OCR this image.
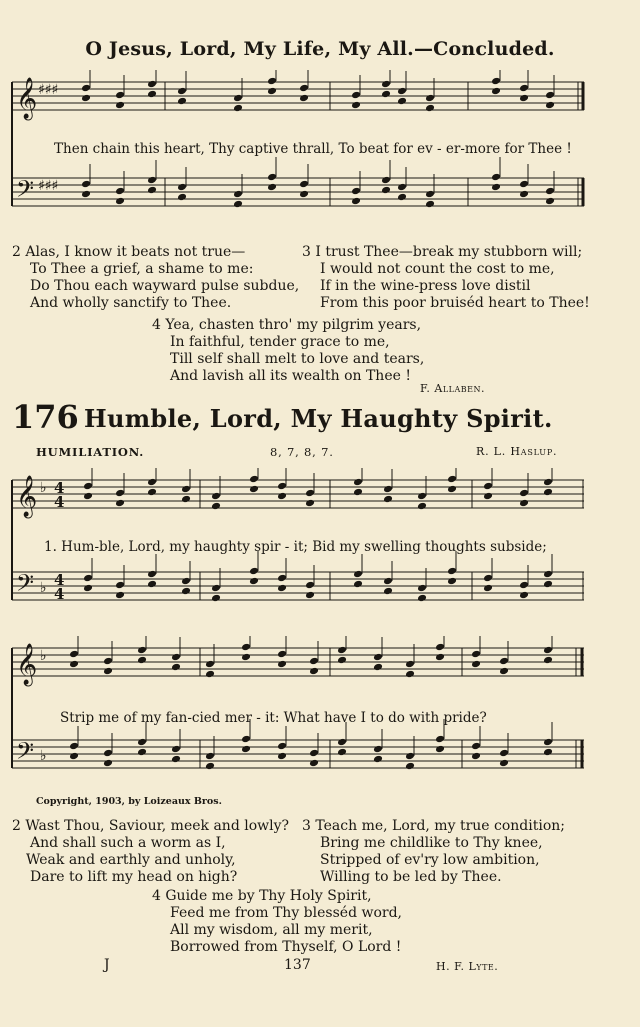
O Jesus, Lord, My Life, My All.—Concluded.
𝄞
𝄢
♯♯♯
♯♯♯
Then chain this heart, Thy captive thrall, To beat for ev - er-more for Thee !
2 Alas, I know it beats not true—
To Thee a grief, a shame to me:
Do Thou each wayward pulse subdue,
And wholly sanctify to Thee.
3 I trust Thee—break my stubborn will;
I would not count the cost to me,
If in the wine-press love distil
From this poor bruiséd heart to Thee!
4 Yea, chasten thro' my pilgrim years,
In faithful, tender grace to me,
Till self shall melt to love and tears,
And lavish all its wealth on Thee !
F. Allaben.
176 Humble, Lord, My Haughty Spirit.
HUMILIATION.	8, 7, 8, 7.	R. L. Haslup.
𝄞
𝄢
♭
♭
4
4
4
4
1. Hum-ble, Lord, my haughty spir - it; Bid my swelling thoughts subside;
𝄞
𝄢
♭
♭
Strip me of my fan-cied mer - it: What have I to do with pride?
Copyright, 1903, by Loizeaux Bros.
2 Wast Thou, Saviour, meek and lowly?
And shall such a worm as I,
Weak and earthly and unholy,
Dare to lift my head on high?
3 Teach me, Lord, my true condition;
Bring me childlike to Thy knee,
Stripped of ev'ry low ambition,
Willing to be led by Thee.
4 Guide me by Thy Holy Spirit,
Feed me from Thy blesséd word,
All my wisdom, all my merit,
Borrowed from Thyself, O Lord !
J	137	H. F. Lyte.
